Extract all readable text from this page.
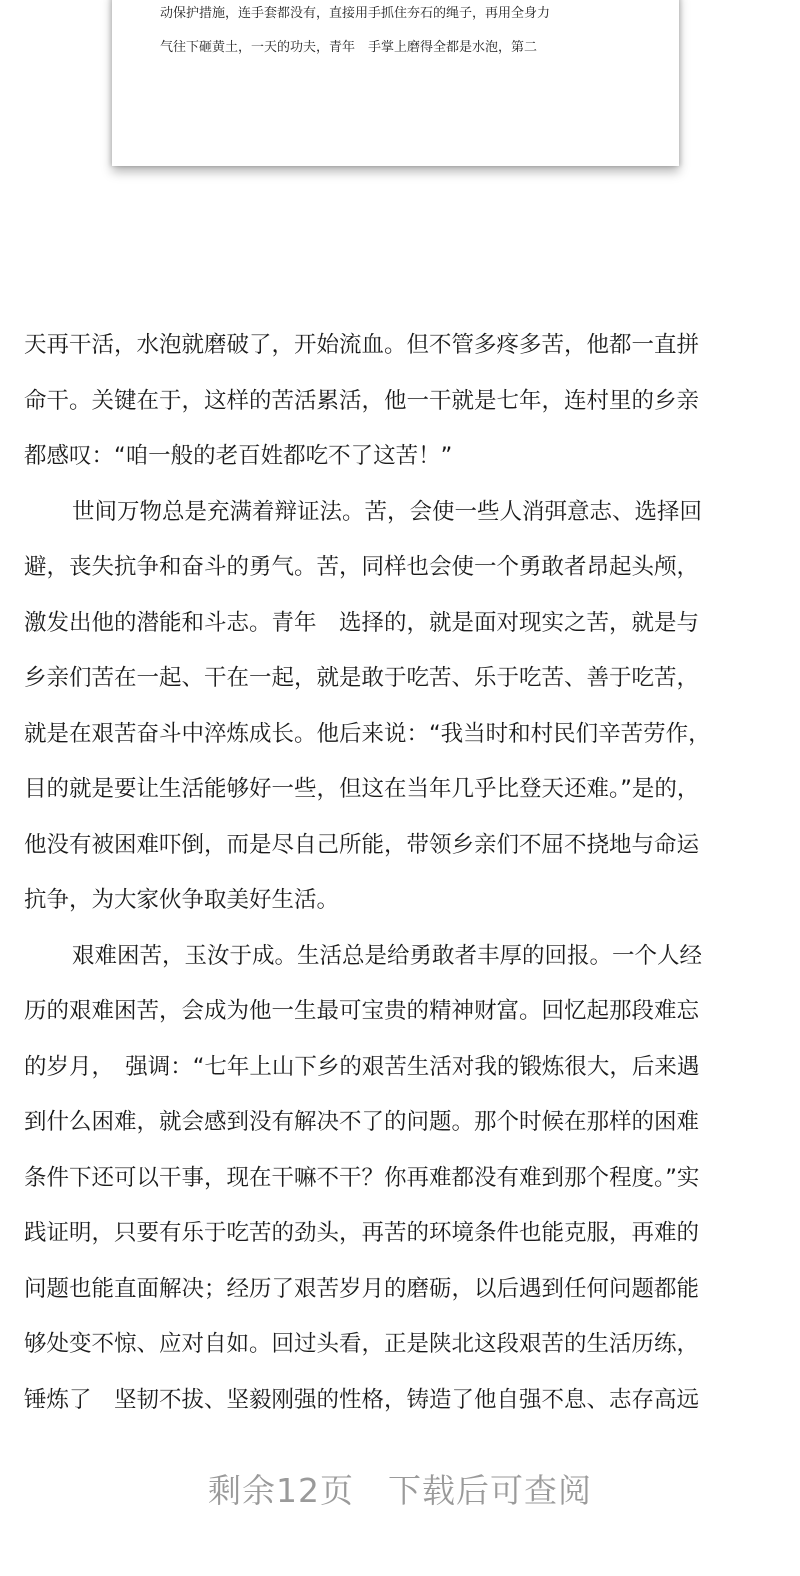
动保护措施，连手套都没有，直接用手抓住夯石的绳子，再用全身力
气往下砸黄土，一天的功夫，青年　手掌上磨得全都是水泡，第二
天再干活，水泡就磨破了，开始流血。但不管多疼多苦，他都一直拼
命干。关键在于，这样的苦活累活，他一干就是七年，连村里的乡亲
都感叹：“咱一般的老百姓都吃不了这苦！”
世间万物总是充满着辩证法。苦，会使一些人消弭意志、选择回
避，丧失抗争和奋斗的勇气。苦，同样也会使一个勇敢者昂起头颅，
激发出他的潜能和斗志。青年　选择的，就是面对现实之苦，就是与
乡亲们苦在一起、干在一起，就是敢于吃苦、乐于吃苦、善于吃苦，
就是在艰苦奋斗中淬炼成长。他后来说：“我当时和村民们辛苦劳作，
目的就是要让生活能够好一些，但这在当年几乎比登天还难。”是的，
他没有被困难吓倒，而是尽自己所能，带领乡亲们不屈不挠地与命运
抗争，为大家伙争取美好生活。
艰难困苦，玉汝于成。生活总是给勇敢者丰厚的回报。一个人经
历的艰难困苦，会成为他一生最可宝贵的精神财富。回忆起那段难忘
的岁月，　强调：“七年上山下乡的艰苦生活对我的锻炼很大，后来遇
到什么困难，就会感到没有解决不了的问题。那个时候在那样的困难
条件下还可以干事，现在干嘛不干？你再难都没有难到那个程度。”实
践证明，只要有乐于吃苦的劲头，再苦的环境条件也能克服，再难的
问题也能直面解决；经历了艰苦岁月的磨砺，以后遇到任何问题都能
够处变不惊、应对自如。回过头看，正是陕北这段艰苦的生活历练，
锤炼了　坚韧不拔、坚毅刚强的性格，铸造了他自强不息、志存高远
剩余12页　下载后可查阅
